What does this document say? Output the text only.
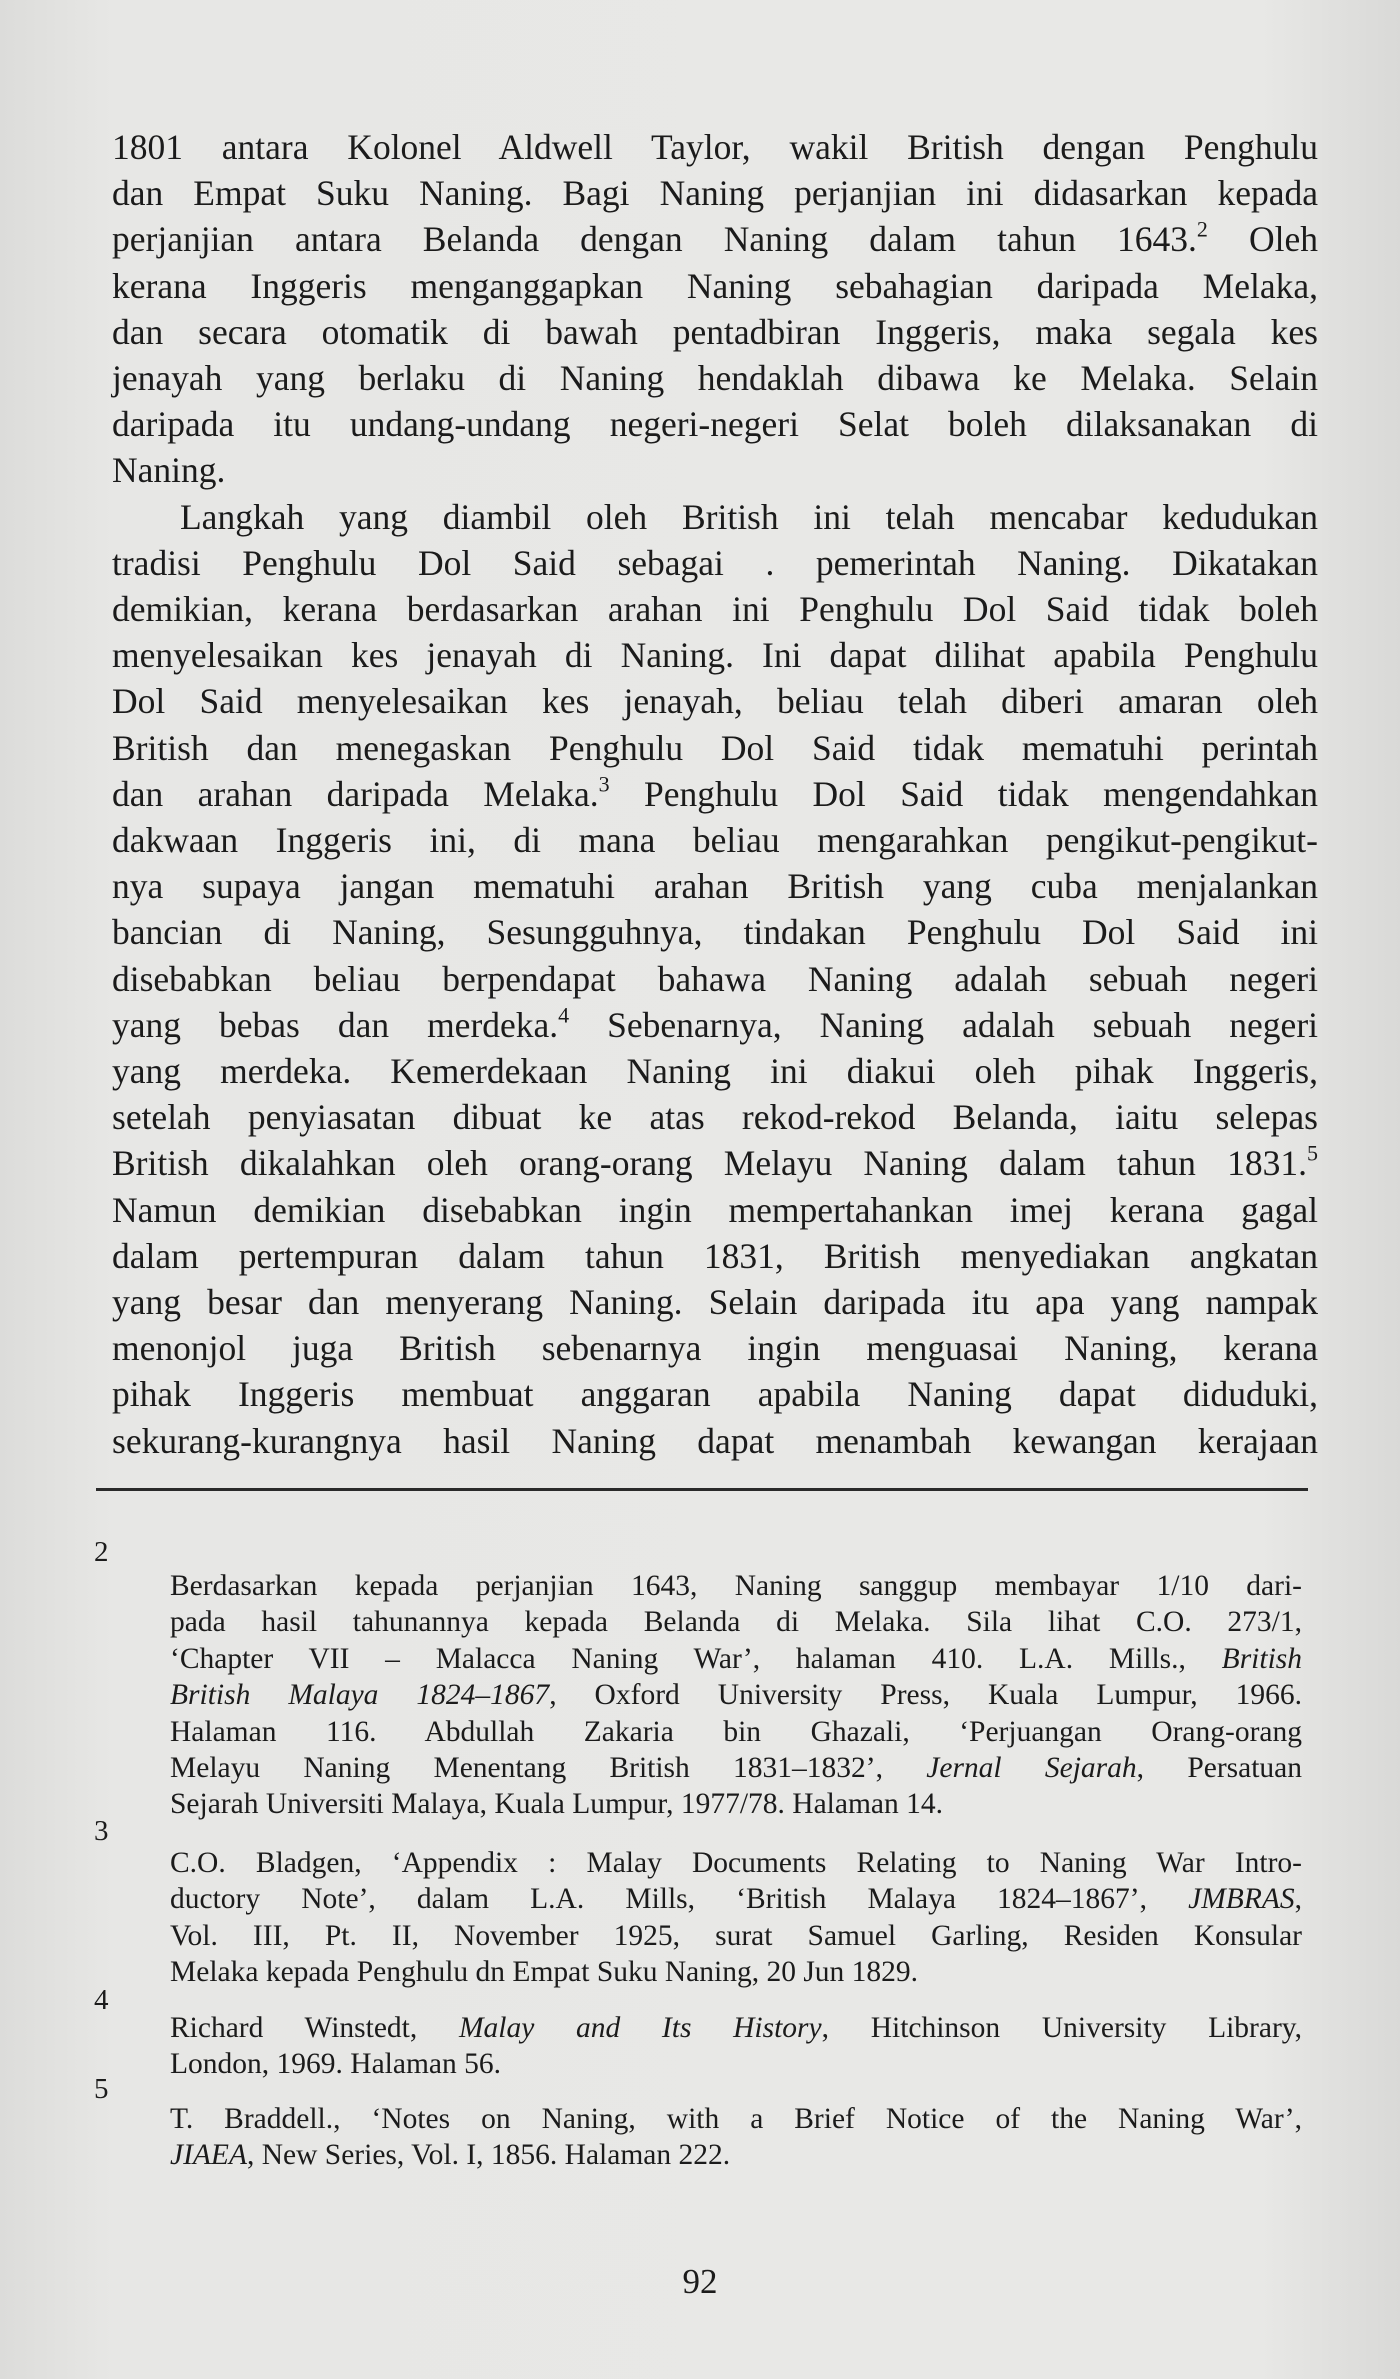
1801 antara Kolonel Aldwell Taylor, wakil British dengan Penghulu
dan Empat Suku Naning. Bagi Naning perjanjian ini didasarkan kepada
perjanjian antara Belanda dengan Naning dalam tahun 1643.$^2$ Oleh
kerana Inggeris menganggapkan Naning sebahagian daripada Melaka,
dan secara otomatik di bawah pentadbiran Inggeris, maka segala kes
jenayah yang berlaku di Naning hendaklah dibawa ke Melaka. Selain
daripada itu undang-undang negeri-negeri Selat boleh dilaksanakan di
Naning.
Langkah yang diambil oleh British ini telah mencabar kedudukan
tradisi Penghulu Dol Said sebagai . pemerintah Naning. Dikatakan
demikian, kerana berdasarkan arahan ini Penghulu Dol Said tidak boleh
menyelesaikan kes jenayah di Naning. Ini dapat dilihat apabila Penghulu
Dol Said menyelesaikan kes jenayah, beliau telah diberi amaran oleh
British dan menegaskan Penghulu Dol Said tidak mematuhi perintah
dan arahan daripada Melaka.$^3$ Penghulu Dol Said tidak mengendahkan
dakwaan Inggeris ini, di mana beliau mengarahkan pengikut-pengikut-
nya supaya jangan mematuhi arahan British yang cuba menjalankan
bancian di Naning, Sesungguhnya, tindakan Penghulu Dol Said ini
disebabkan beliau berpendapat bahawa Naning adalah sebuah negeri
yang bebas dan merdeka.$^4$ Sebenarnya, Naning adalah sebuah negeri
yang merdeka. Kemerdekaan Naning ini diakui oleh pihak Inggeris,
setelah penyiasatan dibuat ke atas rekod-rekod Belanda, iaitu selepas
British dikalahkan oleh orang-orang Melayu Naning dalam tahun 1831.$^5$
Namun demikian disebabkan ingin mempertahankan imej kerana gagal
dalam pertempuran dalam tahun 1831, British menyediakan angkatan
yang besar dan menyerang Naning. Selain daripada itu apa yang nampak
menonjol juga British sebenarnya ingin menguasai Naning, kerana
pihak Inggeris membuat anggaran apabila Naning dapat diduduki,
sekurang-kurangnya hasil Naning dapat menambah kewangan kerajaan
2
Berdasarkan kepada perjanjian 1643, Naning sanggup membayar 1/10 dari-
pada hasil tahunannya kepada Belanda di Melaka. Sila lihat C.O. 273/1,
‘Chapter VII – Malacca Naning War’, halaman 410. L.A. Mills., British
British Malaya 1824–1867, Oxford University Press, Kuala Lumpur, 1966.
Halaman 116. Abdullah Zakaria bin Ghazali, ‘Perjuangan Orang-orang
Melayu Naning Menentang British 1831–1832’, Jernal Sejarah, Persatuan
Sejarah Universiti Malaya, Kuala Lumpur, 1977/78. Halaman 14.
3
C.O. Bladgen, ‘Appendix : Malay Documents Relating to Naning War Intro-
ductory Note’, dalam L.A. Mills, ‘British Malaya 1824–1867’, JMBRAS,
Vol. III, Pt. II, November 1925, surat Samuel Garling, Residen Konsular
Melaka kepada Penghulu dn Empat Suku Naning, 20 Jun 1829.
4
Richard Winstedt, Malay and Its History, Hitchinson University Library,
London, 1969. Halaman 56.
5
T. Braddell., ‘Notes on Naning, with a Brief Notice of the Naning War’,
JIAEA, New Series, Vol. I, 1856. Halaman 222.
92
